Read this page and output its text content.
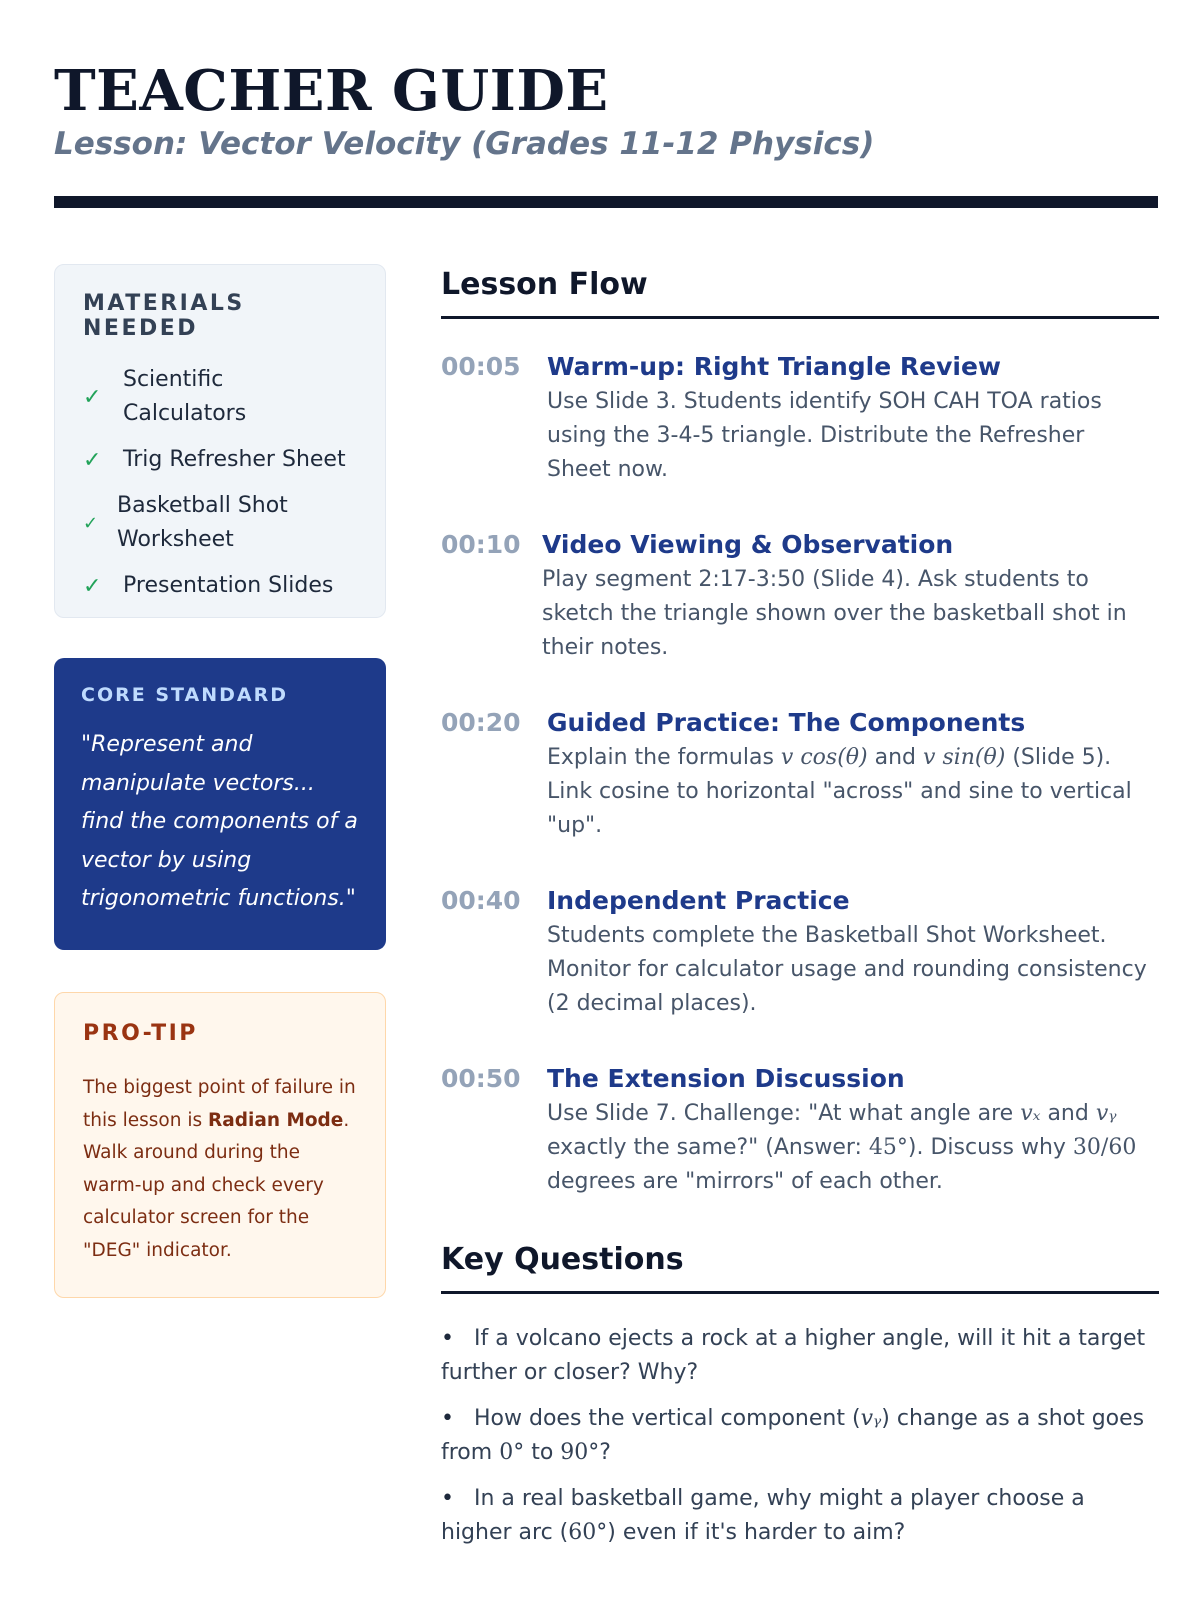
TEACHER GUIDE
Lesson: Vector Velocity (Grades 11-12 Physics)
MATERIALS NEEDED
✓
Scientific Calculators
✓ Trig Refresher Sheet
✓
Basketball Shot Worksheet
✓ Presentation Slides
CORE STANDARD
"Represent and manipulate vectors... find the components of a vector by using trigonometric functions."
PRO-TIP
The biggest point of failure in this lesson is Radian Mode. Walk around during the warm-up and check every calculator screen for the "DEG" indicator.
Lesson Flow
00:05	Warm-up: Right Triangle Review
Use Slide 3. Students identify SOH CAH TOA ratios using the 3-4-5 triangle. Distribute the Refresher Sheet now.
00:10 Video Viewing & Observation
Play segment 2:17-3:50 (Slide 4). Ask students to sketch the triangle shown over the basketball shot in their notes.
00:20	Guided Practice: The Components
Explain the formulas v cos(θ) and v sin(θ) (Slide 5). Link cosine to horizontal "across" and sine to vertical "up".
00:40	Independent Practice
Students complete the Basketball Shot Worksheet. Monitor for calculator usage and rounding consistency (2 decimal places).
00:50	The Extension Discussion
Use Slide 7. Challenge: "At what angle are vₓ and vᵧ exactly the same?" (Answer: 45°). Discuss why 30/60 degrees are "mirrors" of each other.
Key Questions
• If a volcano ejects a rock at a higher angle, will it hit a target further or closer? Why?
• How does the vertical component (vᵧ) change as a shot goes from 0° to 90°?
• In a real basketball game, why might a player choose a higher arc (60°) even if it's harder to aim?
